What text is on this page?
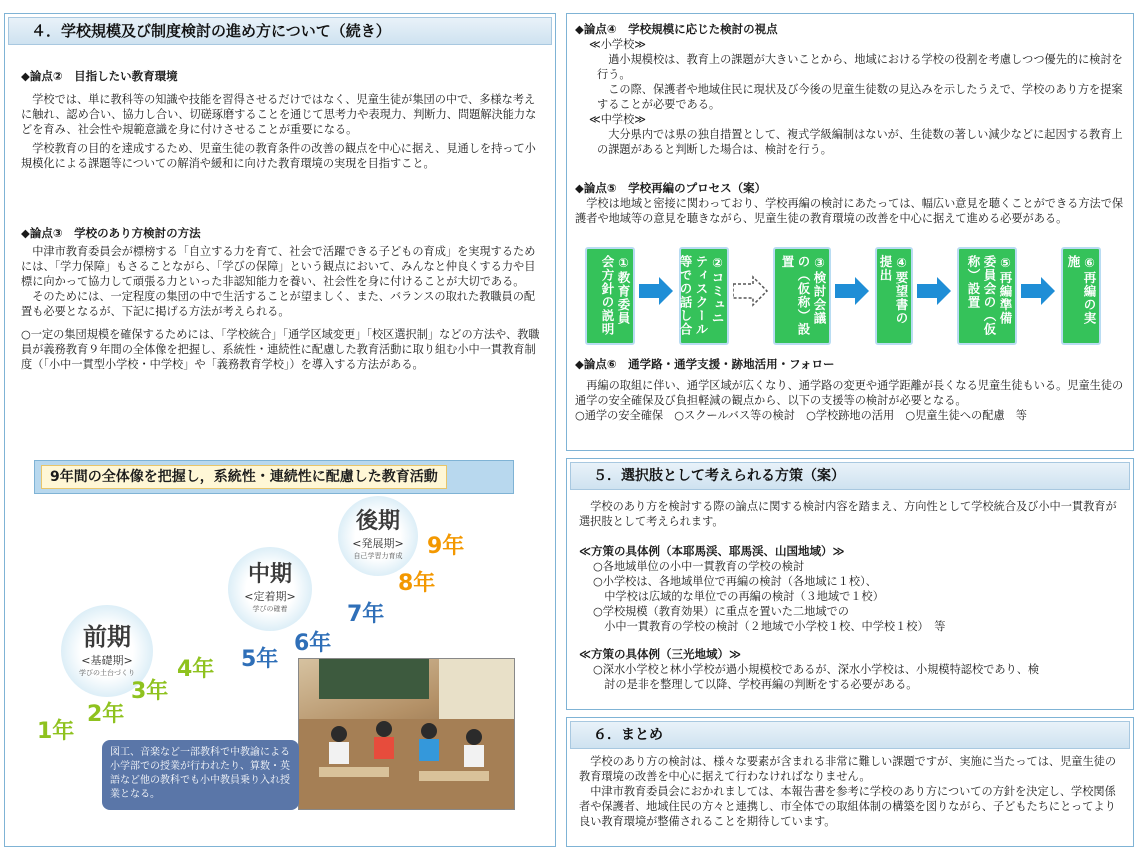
４．学校規模及び制度検討の進め方について（続き）
◆論点②　目指したい教育環境
学校では、単に教科等の知識や技能を習得させるだけではなく、児童生徒が集団の中で、多様な考えに触れ、認め合い、協力し合い、切磋琢磨することを通じて思考力や表現力、判断力、問題解決能力などを育み、社会性や規範意識を身に付けさせることが重要になる。
学校教育の目的を達成するため、児童生徒の教育条件の改善の観点を中心に据え、見通しを持って小規模化による課題等についての解消や緩和に向けた教育環境の実現を目指すこと。
◆論点③　学校のあり方検討の方法
中津市教育委員会が標榜する「自立する力を育て、社会で活躍できる子どもの育成」を実現するためには、「学力保障」もさることながら、「学びの保障」という観点において、みんなと仲良くする力や目標に向かって協力して頑張る力といった非認知能力を養い、社会性を身に付けることが大切である。
そのためには、一定程度の集団の中で生活することが望ましく、また、バランスの取れた教職員の配置も必要となるが、下記に掲げる方法が考えられる。
○一定の集団規模を確保するためには、「学校統合」「通学区域変更」「校区選択制」などの方法や、教職員が義務教育９年間の全体像を把握し、系統性・連続性に配慮した教育活動に取り組む小中一貫教育制度（「小中一貫型小学校・中学校」や「義務教育学校」）を導入する方法がある。
9年間の全体像を把握し，系統性・連続性に配慮した教育活動
後期
<発展期>
自己学習力育成
中期
<定着期>
学びの確着
前期
<基礎期>
学びの土台づくり
1年
2年
3年
4年 5年
6年
7年
8年
9年
図工、音楽など一部教科で中教諭による小学部での授業が行われたり、算数・英語など他の教科でも小中教員乗り入れ授業となる。
◆論点④　学校規模に応じた検討の視点
≪小学校≫
過小規模校は、教育上の課題が大きいことから、地域における学校の役割を考慮しつつ優先的に検討を行う。
この際、保護者や地域住民に現状及び今後の児童生徒数の見込みを示したうえで、学校のあり方を提案することが必要である。
≪中学校≫
大分県内では県の独自措置として、複式学級編制はないが、生徒数の著しい減少などに起因する教育上の課題があると判断した場合は、検討を行う。
◆論点⑤　学校再編のプロセス（案）
学校は地域と密接に関わっており、学校再編の検討にあたっては、幅広い意見を聴くことができる方法で保護者や地域等の意見を聴きながら、児童生徒の教育環境の改善を中心に据えて進める必要がある。
①教育委員会方針の説明	②コミュニティスクール等での話し合い	③検討会議の（仮称）設置	④要望書の提出	⑤再編準備委員会の（仮称）設置	⑥再編の実施
◆論点⑥　通学路・通学支援・跡地活用・フォロー
再編の取組に伴い、通学区域が広くなり、通学路の変更や通学距離が長くなる児童生徒もいる。児童生徒の通学の安全確保及び負担軽減の観点から、以下の支援等の検討が必要となる。
○通学の安全確保　○スクールバス等の検討　○学校跡地の活用　○児童生徒への配慮　等
５．選択肢として考えられる方策（案）
学校のあり方を検討する際の論点に関する検討内容を踏まえ、方向性として学校統合及び小中一貫教育が選択肢として考えられます。
≪方策の具体例（本耶馬渓、耶馬渓、山国地域）≫
○各地域単位の小中一貫教育の学校の検討
○小学校は、各地域単位で再編の検討（各地域に１校）、
　中学校は広域的な単位での再編の検討（３地域で１校）
○学校規模（教育効果）に重点を置いた二地域での
　小中一貫教育の学校の検討（２地域で小学校１校、中学校１校）　等
≪方策の具体例（三光地域）≫
○深水小学校と林小学校が過小規模校であるが、深水小学校は、小規模特認校であり、検
　討の是非を整理して以降、学校再編の判断をする必要がある。
６．まとめ
学校のあり方の検討は、様々な要素が含まれる非常に難しい課題ですが、実施に当たっては、児童生徒の教育環境の改善を中心に据えて行わなければなりません。
中津市教育委員会におかれましては、本報告書を参考に学校のあり方についての方針を決定し、学校関係者や保護者、地域住民の方々と連携し、市全体での取組体制の構築を図りながら、子どもたちにとってより良い教育環境が整備されることを期待しています。
